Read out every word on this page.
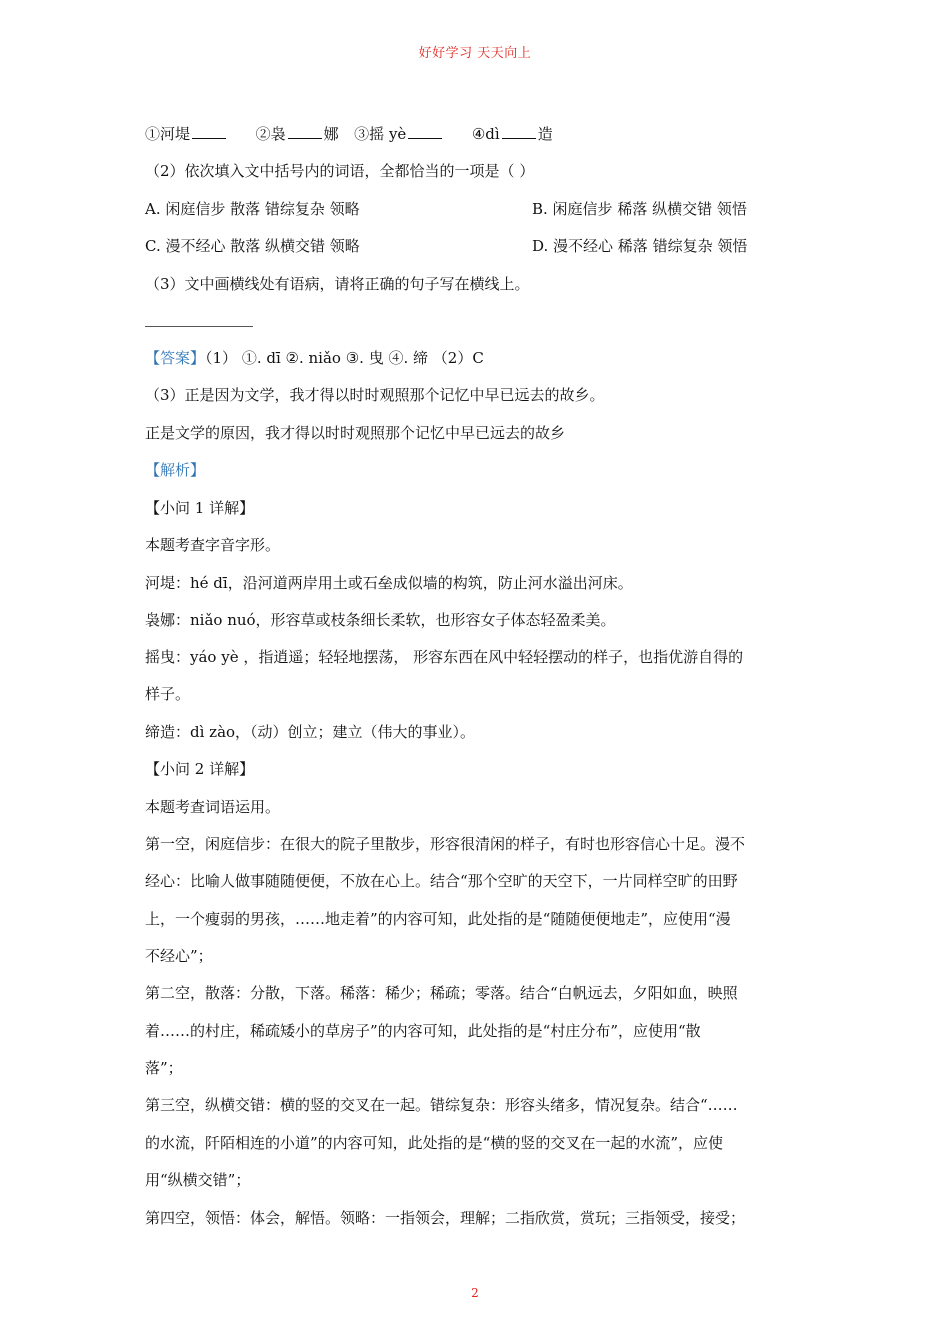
好好学习 天天向上
①河堤	②袅	娜 ③摇 yè	④dì	造
（2）依次填入文中括号内的词语，全都恰当的一项是（ ）
A. 闲庭信步 散落 错综复杂 领略	B. 闲庭信步 稀落 纵横交错 领悟
C. 漫不经心 散落 纵横交错 领略	D. 漫不经心 稀落 错综复杂 领悟
（3）文中画横线处有语病，请将正确的句子写在横线上。
【答案】（1） ①. dī ②. niǎo ③. 曳 ④. 缔 （2）C
（3）正是因为文学，我才得以时时观照那个记忆中早已远去的故乡。
正是文学的原因，我才得以时时观照那个记忆中早已远去的故乡
【解析】
【小问 1 详解】
本题考查字音字形。
河堤：hé dī，沿河道两岸用土或石垒成似墙的构筑，防止河水溢出河床。
袅娜：niǎo nuó，形容草或枝条细长柔软，也形容女子体态轻盈柔美。
摇曳：yáo yè ，指逍遥；轻轻地摆荡， 形容东西在风中轻轻摆动的样子，也指优游自得的
样子。
缔造：dì zào，（动）创立；建立（伟大的事业）。
【小问 2 详解】
本题考查词语运用。
第一空，闲庭信步：在很大的院子里散步，形容很清闲的样子，有时也形容信心十足。漫不
经心：比喻人做事随随便便，不放在心上。结合“那个空旷的天空下，一片同样空旷的田野
上，一个瘦弱的男孩，……地走着”的内容可知，此处指的是“随随便便地走”，应使用“漫
不经心”；
第二空，散落：分散，下落。稀落：稀少；稀疏；零落。结合“白帆远去，夕阳如血，映照
着……的村庄，稀疏矮小的草房子”的内容可知，此处指的是“村庄分布”，应使用“散
落”；
第三空，纵横交错：横的竖的交叉在一起。错综复杂：形容头绪多，情况复杂。结合“……
的水流，阡陌相连的小道”的内容可知，此处指的是“横的竖的交叉在一起的水流”，应使
用“纵横交错”；
第四空，领悟：体会，解悟。领略：一指领会，理解；二指欣赏，赏玩；三指领受，接受；
2
